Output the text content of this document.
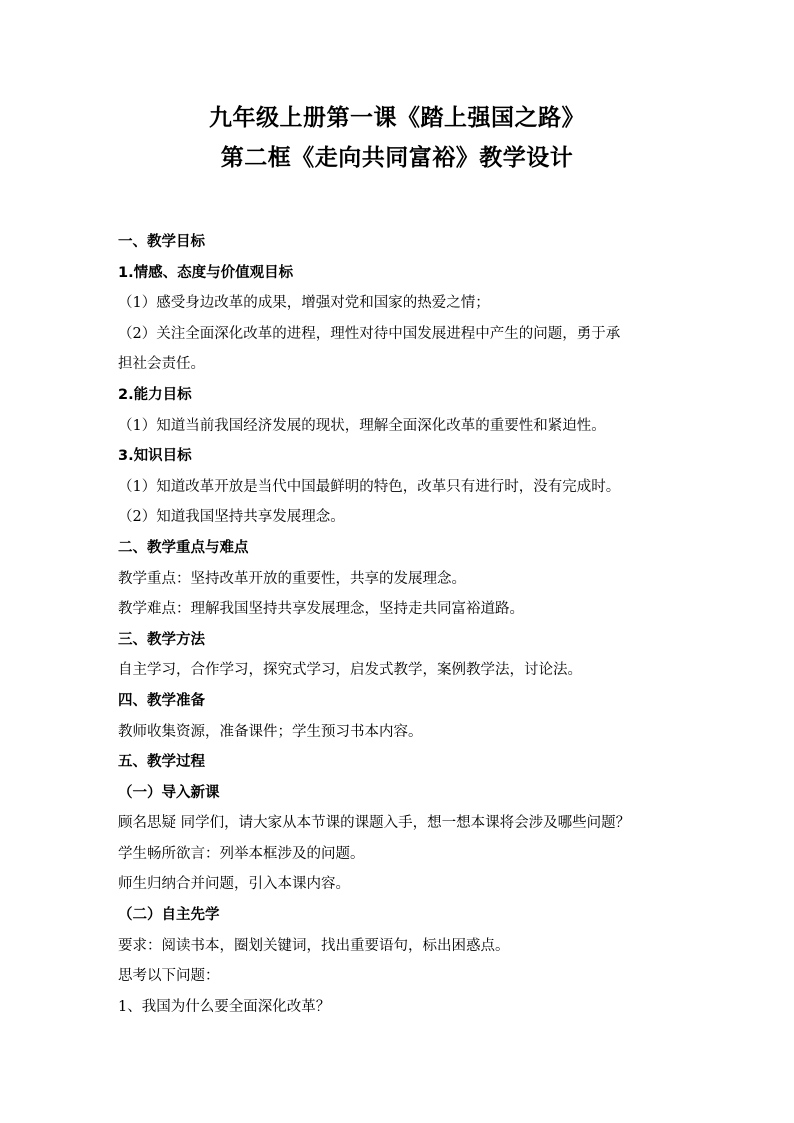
九年级上册第一课《踏上强国之路》
第二框《走向共同富裕》教学设计
一、教学目标
1.情感、态度与价值观目标
（1）感受身边改革的成果，增强对党和国家的热爱之情；
（2）关注全面深化改革的进程，理性对待中国发展进程中产生的问题，勇于承
担社会责任。
2.能力目标
（1）知道当前我国经济发展的现状，理解全面深化改革的重要性和紧迫性。
3.知识目标
（1）知道改革开放是当代中国最鲜明的特色，改革只有进行时，没有完成时。
（2）知道我国坚持共享发展理念。
二、教学重点与难点
教学重点：坚持改革开放的重要性，共享的发展理念。
教学难点：理解我国坚持共享发展理念，坚持走共同富裕道路。
三、教学方法
自主学习，合作学习，探究式学习，启发式教学，案例教学法，讨论法。
四、教学准备
教师收集资源，准备课件；学生预习书本内容。
五、教学过程
（一）导入新课
顾名思疑 同学们，请大家从本节课的课题入手，想一想本课将会涉及哪些问题？
学生畅所欲言：列举本框涉及的问题。
师生归纳合并问题，引入本课内容。
（二）自主先学
要求：阅读书本，圈划关键词，找出重要语句，标出困惑点。
思考以下问题：
1、我国为什么要全面深化改革？
